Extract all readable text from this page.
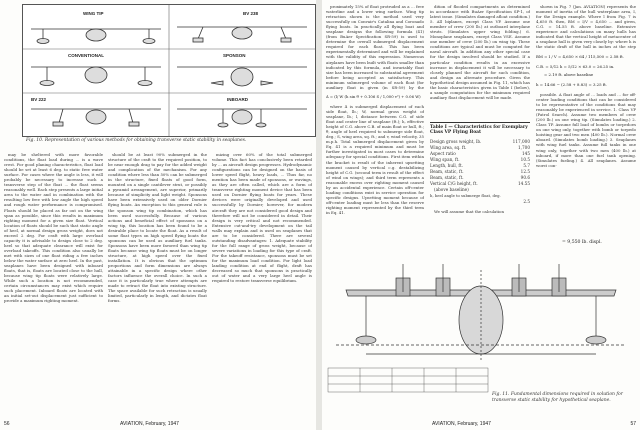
WING TIP	BV 238
CONVENTIONAL	SPONSON
BV 222	INBOARD
Fig. 10. Representation of various methods for obtaining transverse static stability in seaplanes.

may be sheltered with more favorable conditions, the float load during ... is a wave crest. For good planing characteristics, float load should be set at least 6 deg. to static free water surface. For cases where the angle is less, it will probably be necessary to increase such a transverse step of the float ... the float seems reasonably well. Each step presents a large initial area to the water and in combination with the resulting low free with low angle the high speed and rough water performance is compromised. Floats should be placed as far out on the wing span as possible, since this results in maximum righting moment for a given size float. Vertical location of floats should be such that static angle of heel, at normal design gross weight, does not exceed 2 deg. For craft with large overload capacity it is advisable to design close to 2 deg. heel so that adequate clearance will exist for overload takeoffs. This condition also usually be met with sizes of one float riding a few inches below the water surface at zero heel. In the past, seaplanes have been designed with inboard floats, that is, floats are located close to the hull, because wing tip floats were relatively large. While such a location is not recommended, certain circumstances may exist which require such placement. Inboard floats are located with an initial set-out displacement just sufficient to provide a maximum righting moment.

should be at least 90% submerged in the structure of the craft to the required position, to be near enough drag to pay for the added weight and complication of the mechanism. For any condition where less than 50% can be submerged in the structure, fixed floats of good form, mounted on a single cantilever strut, or possibly a pyramid arrangement, are superior, primarily because of simplicity and light weight. Sponsons have been extensively used on older Dornier flying boats. An exception to this general rule is the sponson wing tip combination, which has been used successfully. Because of various actions and beneficial effect of sponsons on a wing tip, this location has been found to be a desirable place to locate the float. As a result of some float types on high speed flying boats the sponsons can be used as auxiliary fuel tanks. Sponsons have been more favored than wing tip floats because wing tip floats must be on longer structure, at high speed over the fixed installation. It is obvious that the optimum proportions and form dimensions are always attainable in a specific design where other factors influence the overall choice. In such a case it is particularly true where attempts are made to retract the float into existing structure. The space available for such retraction is usually limited, particularly in length, and dictates float forms.

mizing over 60% of the total submerged volume. This fact has conclusively been retarded by ... as aircraft design progresses. Hydrodynamic configurations can be designed on the basis of lower speed flight, heavy loads, ... Thus far, no mention has been made of sponsons, or wavings, as they are often called, which are a form of transverse righting moment device that has been used on Dornier flying boats for years. These devices were originally developed and used successfully by Dornier; however, for modern aircraft they are not considered good design and therefore will not be considered in detail. Their design is very critical and not recommended. Extensive cut-and-try development on the tail walls may explain and is used on seaplanes that are to be considered. There are several outstanding disadvantages: 1. Adequate stability for the full range of gross weight, because of severe variations in loading for this type of craft. For the takeoff resistance, sponsons must be set for the maximum load condition. For light load landing condition at end of flight, draft has decreased so much that sponsons is practically out of water and a very large heel angle is required to restore transverse equilibrium.

56	AVIATION, February, 1947

proximately 15% of float protruded as a ... free waterline and a lower wing surface. Wing tip retraction shown is the method used very successfully on Convair's Catalina and Coronado flying boats. In practically all flying boat and seaplane designs the following formula (41) (from BuAer Specification SR-59) is used to determine the overall submerged displacement required for each float. This has been experimentally determined and will be explained with the validity of this expression. Numerous airplanes have been built with floats smaller than indicated by this formula, and invariably float size has been increased to substantial agreement before being accepted as satisfactory. This minimum submerged volume of each float (for auxiliary float in given (in SR-59) by the

∆ = (l/ W (h sin θ + 0.106 S / 1,000 v²) + 0.06 W)

where ∆ is submerged displacement of each side float, lb.; W, normal gross weight of seaplane, lb.; l, distance between C.G. of side float and center line of seaplane (ft.); h, effective height of C.G. above C.B. of main float or hull, ft.; θ, angle of heel required to submerge side float, deg.; S, wing area, sq. ft.; and v, wind velocity, 35 m.p.h. Total submerged displacement given by Eq. 41 is a required minimum and must be further investigated in most cases to determine adequacy for special conditions. First item within the bracket is result of the inherent upsetting moment caused by vertical c.g. destabilizing height of C.G. (second term is result of the effect of wind on wings); and third term represents a reasonable excess over righting moment caused by an accidental experience. Certain off-center loading conditions exist in service operation for specific designs. Upsetting moment because of off-center loading must be less than the reserve righting moment represented by the third term in Eq. 41.

dition of flooded compartments as determined in accordance with BuAer Specification SP-1, of latest issue. (Simulates damaged afloat condition.) 5. All biplanes, except Class VP. Assume one member of crew (200 lb.) at outboard interplane struts. (Simulates upper wing folding.) 6. Monoplane seaplanes, except Class VSE. Assume one member of crew (200 lb.) on wing tip. These conditions are typical and must be computed for naval aircraft. In addition any other special case for the design involved should be studied. If a particular condition results in an excessive increase in displacement it will be necessary to closely planned the aircraft for such condition, and design an alternate procedure. Given the hypothetical design assumed in Fig. 11, which has the basic characteristics given in Table I (below), a sample computation for the minimum required auxiliary float displacement will be made.

Table I — Characteristics for Exemplary Class VP Flying Boat
Design gross weight, lb.	117,000
Wing area, sq. ft.	1,700
Aspect ratio	145
Wing span, ft.	10.5
Length, hull, ft.	5.7
Beam, static, ft.	12.5
Beam, static, ft.	90.6
Vertical C/G height, ft.	14.55
(above baseline)
h, heel angle to submerge float, deg.
2.5

We will assume that the calculation

shown in Fig. 7 (Jan. AVIATION) represents the moment of inertia of the hull waterplane area, I, for the Design example. Where l from Fig. 7 is 4,650 ft. then, BM = I/V = 4,650 ... and given, C.G. = 14.55 ft. above baseline. Extensive experience and calculations on many hulls has indicated that the vertical height of metacenter of a seaplane hull is given very closely by: where h is the static draft of the hull in inches at the step

BM = I / V = 4,650 × 64 / 115,500 = 2.58 ft.
C.B. = 5/12 h = 5/12 × 63.0 = 26.25 in.
= 2.19 ft. above baseline
h = 14.66 − (2.58 + 8.83) = 3.25 ft.

possible. A float angle of ... loads and ... for off-center loading conditions that can be considered to be representative of the conditions that may reasonably be experienced in service. 1. Class VP (Patrol Search). Assume two members of crew (200 lb.) on one wing tip. (Simulates loading.) 2. Class TP. Assume full load of bombs or torpedoes on one wing only, together with bomb or torpedo hoisting gear and two men (400 lb.). Normal crew aboard. (Simulates bomb loading.) 3. Seaplanes with wing fuel tanks. Assume full tanks in one wing only, together with two men (400 lb.) at inboard, if more than one fuel tank opening. (Simulates fueling.) 4. All seaplanes. Assume worst con-

= 9,550 lb. displ.
Fig. 11. Fundamental dimensions required in solution for transverse static stability for hypothetical seaplane.
AVIATION, February, 1947	57
